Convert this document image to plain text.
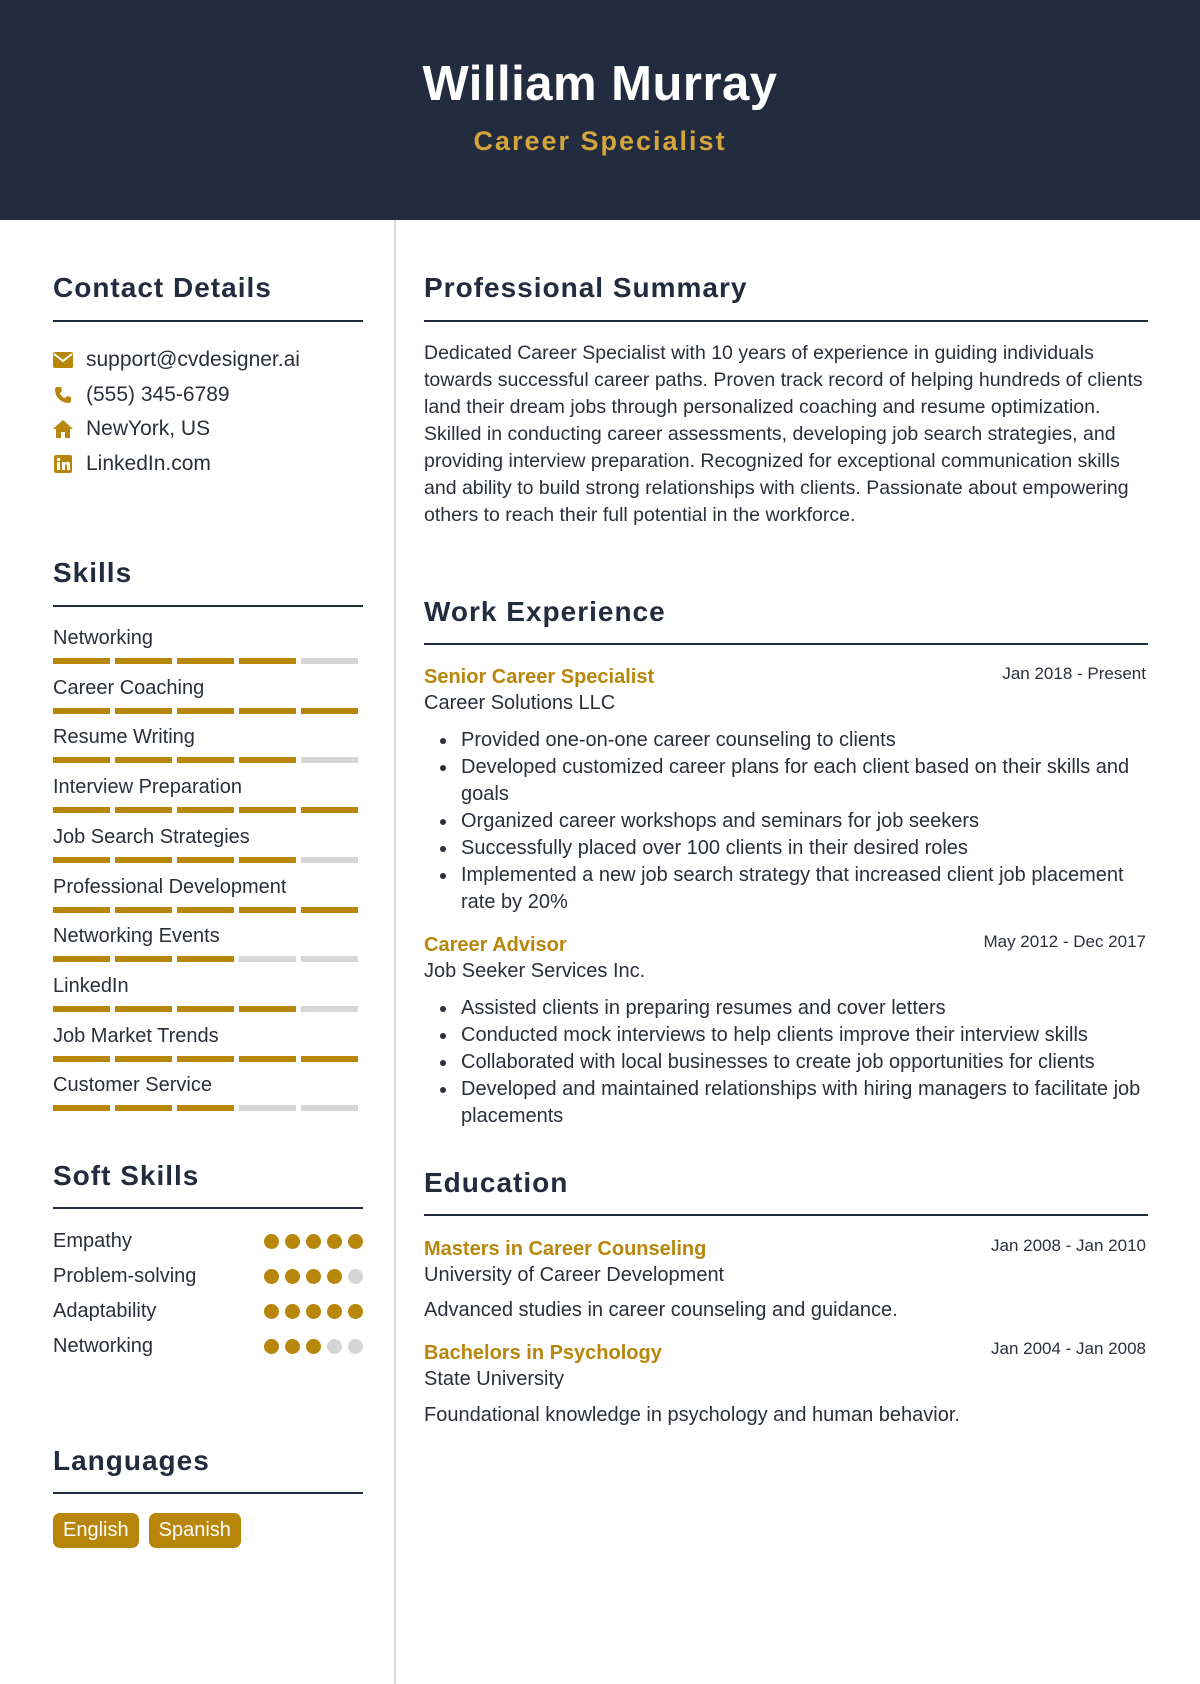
William Murray
Career Specialist
Contact Details
support@cvdesigner.ai
(555) 345-6789
NewYork, US
LinkedIn.com
Skills
Networking
Career Coaching
Resume Writing
Interview Preparation
Job Search Strategies
Professional Development
Networking Events
LinkedIn
Job Market Trends
Customer Service
Soft Skills
Empathy
Problem-solving
Adaptability
Networking
Languages
English	Spanish
Professional Summary
Dedicated Career Specialist with 10 years of experience in guiding individuals towards successful career paths. Proven track record of helping hundreds of clients land their dream jobs through personalized coaching and resume optimization. Skilled in conducting career assessments, developing job search strategies, and providing interview preparation. Recognized for exceptional communication skills and ability to build strong relationships with clients. Passionate about empowering others to reach their full potential in the workforce.
Work Experience
Senior Career Specialist	Jan 2018 - Present
Career Solutions LLC
Provided one-on-one career counseling to clients
Developed customized career plans for each client based on their skills and goals
Organized career workshops and seminars for job seekers
Successfully placed over 100 clients in their desired roles
Implemented a new job search strategy that increased client job placement rate by 20%
Career Advisor	May 2012 - Dec 2017
Job Seeker Services Inc.
Assisted clients in preparing resumes and cover letters
Conducted mock interviews to help clients improve their interview skills
Collaborated with local businesses to create job opportunities for clients
Developed and maintained relationships with hiring managers to facilitate job placements
Education
Masters in Career Counseling	Jan 2008 - Jan 2010
University of Career Development
Advanced studies in career counseling and guidance.
Bachelors in Psychology	Jan 2004 - Jan 2008
State University
Foundational knowledge in psychology and human behavior.
